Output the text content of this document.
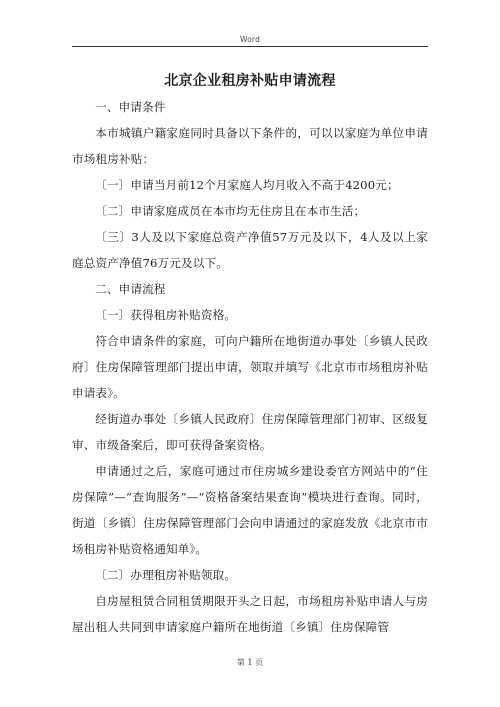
Word
北京企业租房补贴申请流程

一、申请条件

本市城镇户籍家庭同时具备以下条件的，可以以家庭为单位申请市场租房补贴：

〔一〕申请当月前12个月家庭人均月收入不高于4200元；

〔二〕申请家庭成员在本市均无住房且在本市生活；

〔三〕3人及以下家庭总资产净值57万元及以下，4人及以上家庭总资产净值76万元及以下。

二、申请流程

〔一〕获得租房补贴资格。

符合申请条件的家庭，可向户籍所在地街道办事处〔乡镇人民政府〕住房保障管理部门提出申请，领取并填写《北京市市场租房补贴申请表》。

经街道办事处〔乡镇人民政府〕住房保障管理部门初审、区级复审、市级备案后，即可获得备案资格。

申请通过之后，家庭可通过市住房城乡建设委官方网站中的“住房保障”—“查询服务”—“资格备案结果查询”模块进行查询。同时，街道〔乡镇〕住房保障管理部门会向申请通过的家庭发放《北京市市场租房补贴资格通知单》。

〔二〕办理租房补贴领取。

自房屋租赁合同租赁期限开头之日起，市场租房补贴申请人与房屋出租人共同到申请家庭户籍所在地街道〔乡镇〕住房保障管

第 1 页
